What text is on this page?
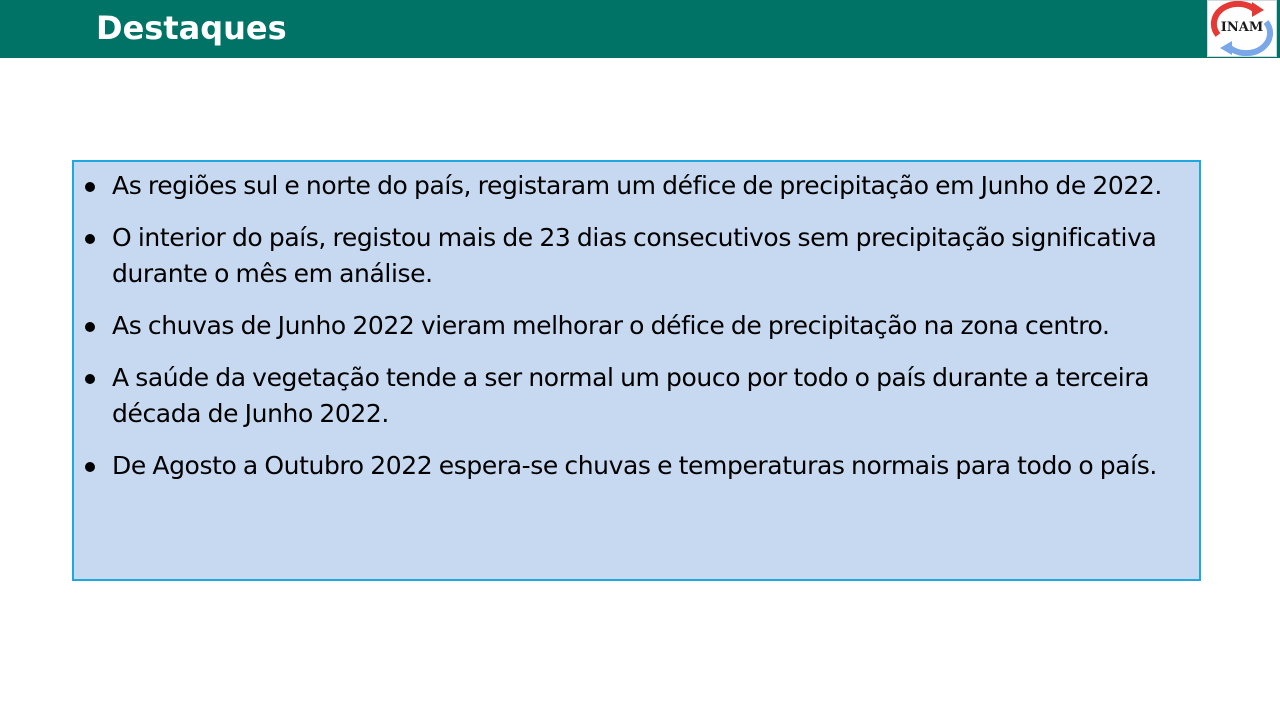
Destaques	INAM
As regiões sul e norte do país, registaram um défice de precipitação em Junho de 2022.
O interior do país, registou mais de 23 dias consecutivos sem precipitação significativa durante o mês em análise.
As chuvas de Junho 2022 vieram melhorar o défice de precipitação na zona centro.
A saúde da vegetação tende a ser normal um pouco por todo o país durante a terceira década de Junho 2022.
De Agosto a Outubro 2022 espera-se chuvas e temperaturas normais para todo o país.
